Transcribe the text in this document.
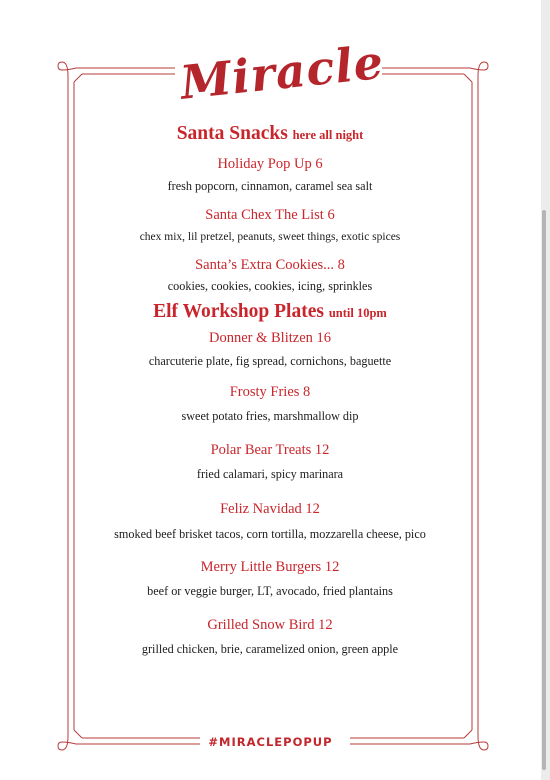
Miracle

Santa Snacks here all night

Holiday Pop Up 6

fresh popcorn, cinnamon, caramel sea salt

Santa Chex The List 6

chex mix, lil pretzel, peanuts, sweet things, exotic spices

Santa’s Extra Cookies... 8

cookies, cookies, cookies, icing, sprinkles

Elf Workshop Plates until 10pm

Donner & Blitzen 16

charcuterie plate, fig spread, cornichons, baguette

Frosty Fries 8

sweet potato fries, marshmallow dip

Polar Bear Treats 12

fried calamari, spicy marinara

Feliz Navidad 12

smoked beef brisket tacos, corn tortilla, mozzarella cheese, pico

Merry Little Burgers 12

beef or veggie burger, LT, avocado, fried plantains

Grilled Snow Bird 12

grilled chicken, brie, caramelized onion, green apple

#MIRACLEPOPUP
